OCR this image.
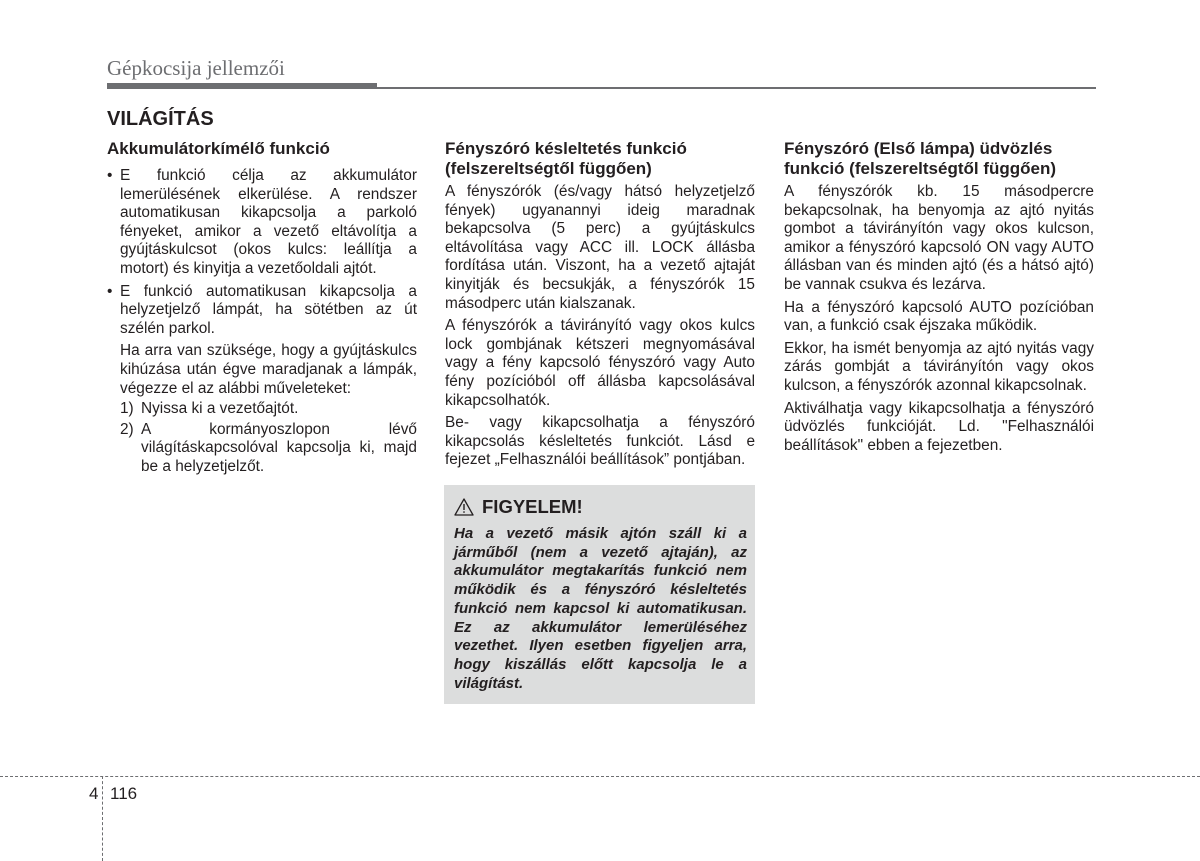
Gépkocsija jellemzői
VILÁGÍTÁS
Akkumulátorkímélő funkció
• E funkció célja az akkumulátor lemerülésének elkerülése. A rendszer automatikusan kikapcsolja a parkoló fényeket, amikor a vezető eltávolítja a gyújtáskulcsot (okos kulcs: leállítja a motort) és kinyitja a vezetőoldali ajtót.
• E funkció automatikusan kikapcsolja a helyzetjelző lámpát, ha sötétben az út szélén parkol.

Ha arra van szüksége, hogy a gyújtáskulcs kihúzása után égve maradjanak a lámpák, végezze el az alábbi műveleteket:

1) Nyissa ki a vezetőajtót.
2) A kormányoszlopon lévő világításkapcsolóval kapcsolja ki, majd be a helyzetjelzőt.
Fényszóró késleltetés funkció (felszereltségtől függően)

A fényszórók (és/vagy hátsó helyzetjelző fények) ugyanannyi ideig maradnak bekapcsolva (5 perc) a gyújtáskulcs eltávolítása vagy ACC ill. LOCK állásba fordítása után. Viszont, ha a vezető ajtaját kinyitják és becsukják, a fényszórók 15 másodperc után kialszanak.

A fényszórók a távirányító vagy okos kulcs lock gombjának kétszeri megnyomásával vagy a fény kapcsoló fényszóró vagy Auto fény pozícióból off állásba kapcsolásával kikapcsolhatók.

Be- vagy kikapcsolhatja a fényszóró kikapcsolás késleltetés funkciót. Lásd e fejezet „Felhasználói beállítások” pontjában.

FIGYELEM!
Ha a vezető másik ajtón száll ki a járműből (nem a vezető ajtaján), az akkumulátor megtakarítás funkció nem működik és a fényszóró késleltetés funkció nem kapcsol ki automatikusan. Ez az akkumulátor lemerüléséhez vezethet. Ilyen esetben figyeljen arra, hogy kiszállás előtt kapcsolja le a világítást.
Fényszóró (Első lámpa) üdvözlés funkció (felszereltségtől függően)

A fényszórók kb. 15 másodpercre bekapcsolnak, ha benyomja az ajtó nyitás gombot a távirányítón vagy okos kulcson, amikor a fényszóró kapcsoló ON vagy AUTO állásban van és minden ajtó (és a hátsó ajtó) be vannak csukva és lezárva.

Ha a fényszóró kapcsoló AUTO pozícióban van, a funkció csak éjszaka működik.

Ekkor, ha ismét benyomja az ajtó nyitás vagy zárás gombját a távirányítón vagy okos kulcson, a fényszórók azonnal kikapcsolnak.

Aktiválhatja vagy kikapcsolhatja a fényszóró üdvözlés funkcióját. Ld. "Felhasználói beállítások" ebben a fejezetben.

4 116
